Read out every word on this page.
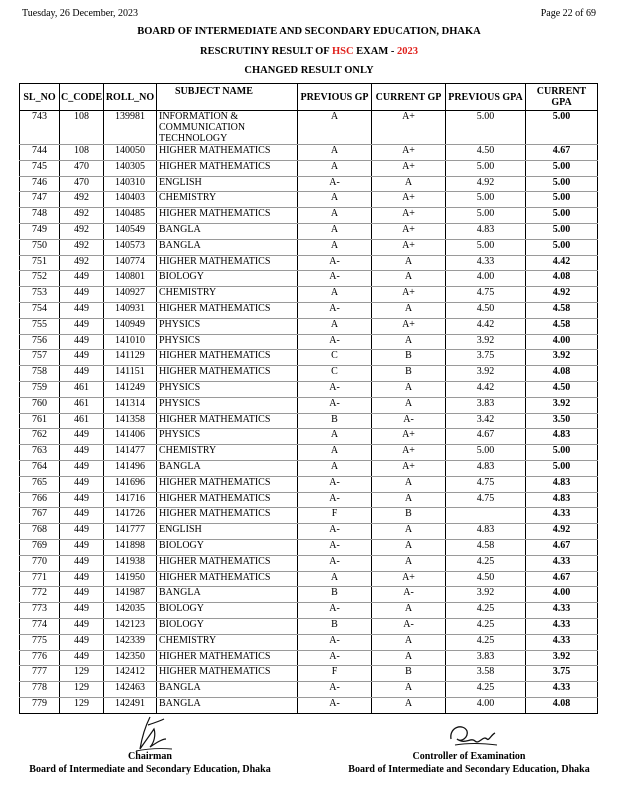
Tuesday, 26 December, 2023	Page 22 of 69
BOARD OF INTERMEDIATE AND SECONDARY EDUCATION, DHAKA
RESCRUTINY RESULT OF HSC EXAM - 2023
CHANGED RESULT ONLY
SL_NO	C_CODE	ROLL_NO	SUBJECT NAME	PREVIOUS GP	CURRENT GP	PREVIOUS GPA	CURRENT GPA
743	108	139981	INFORMATION & COMMUNICATION TECHNOLOGY	A	A+	5.00	5.00
744	108	140050	HIGHER MATHEMATICS	A	A+	4.50	4.67
745	470	140305	HIGHER MATHEMATICS	A	A+	5.00	5.00
746	470	140310	ENGLISH	A-	A	4.92	5.00
747	492	140403	CHEMISTRY	A	A+	5.00	5.00
748	492	140485	HIGHER MATHEMATICS	A	A+	5.00	5.00
749	492	140549	BANGLA	A	A+	4.83	5.00
750	492	140573	BANGLA	A	A+	5.00	5.00
751	492	140774	HIGHER MATHEMATICS	A-	A	4.33	4.42
752	449	140801	BIOLOGY	A-	A	4.00	4.08
753	449	140927	CHEMISTRY	A	A+	4.75	4.92
754	449	140931	HIGHER MATHEMATICS	A-	A	4.50	4.58
755	449	140949	PHYSICS	A	A+	4.42	4.58
756	449	141010	PHYSICS	A-	A	3.92	4.00
757	449	141129	HIGHER MATHEMATICS	C	B	3.75	3.92
758	449	141151	HIGHER MATHEMATICS	C	B	3.92	4.08
759	461	141249	PHYSICS	A-	A	4.42	4.50
760	461	141314	PHYSICS	A-	A	3.83	3.92
761	461	141358	HIGHER MATHEMATICS	B	A-	3.42	3.50
762	449	141406	PHYSICS	A	A+	4.67	4.83
763	449	141477	CHEMISTRY	A	A+	5.00	5.00
764	449	141496	BANGLA	A	A+	4.83	5.00
765	449	141696	HIGHER MATHEMATICS	A-	A	4.75	4.83
766	449	141716	HIGHER MATHEMATICS	A-	A	4.75	4.83
767	449	141726	HIGHER MATHEMATICS	F	B		4.33
768	449	141777	ENGLISH	A-	A	4.83	4.92
769	449	141898	BIOLOGY	A-	A	4.58	4.67
770	449	141938	HIGHER MATHEMATICS	A-	A	4.25	4.33
771	449	141950	HIGHER MATHEMATICS	A	A+	4.50	4.67
772	449	141987	BANGLA	B	A-	3.92	4.00
773	449	142035	BIOLOGY	A-	A	4.25	4.33
774	449	142123	BIOLOGY	B	A-	4.25	4.33
775	449	142339	CHEMISTRY	A-	A	4.25	4.33
776	449	142350	HIGHER MATHEMATICS	A-	A	3.83	3.92
777	129	142412	HIGHER MATHEMATICS	F	B	3.58	3.75
778	129	142463	BANGLA	A-	A	4.25	4.33
779	129	142491	BANGLA	A-	A	4.00	4.08
Chairman
Board of Intermediate and Secondary Education, Dhaka
Controller of Examination
Board of Intermediate and Secondary Education, Dhaka
